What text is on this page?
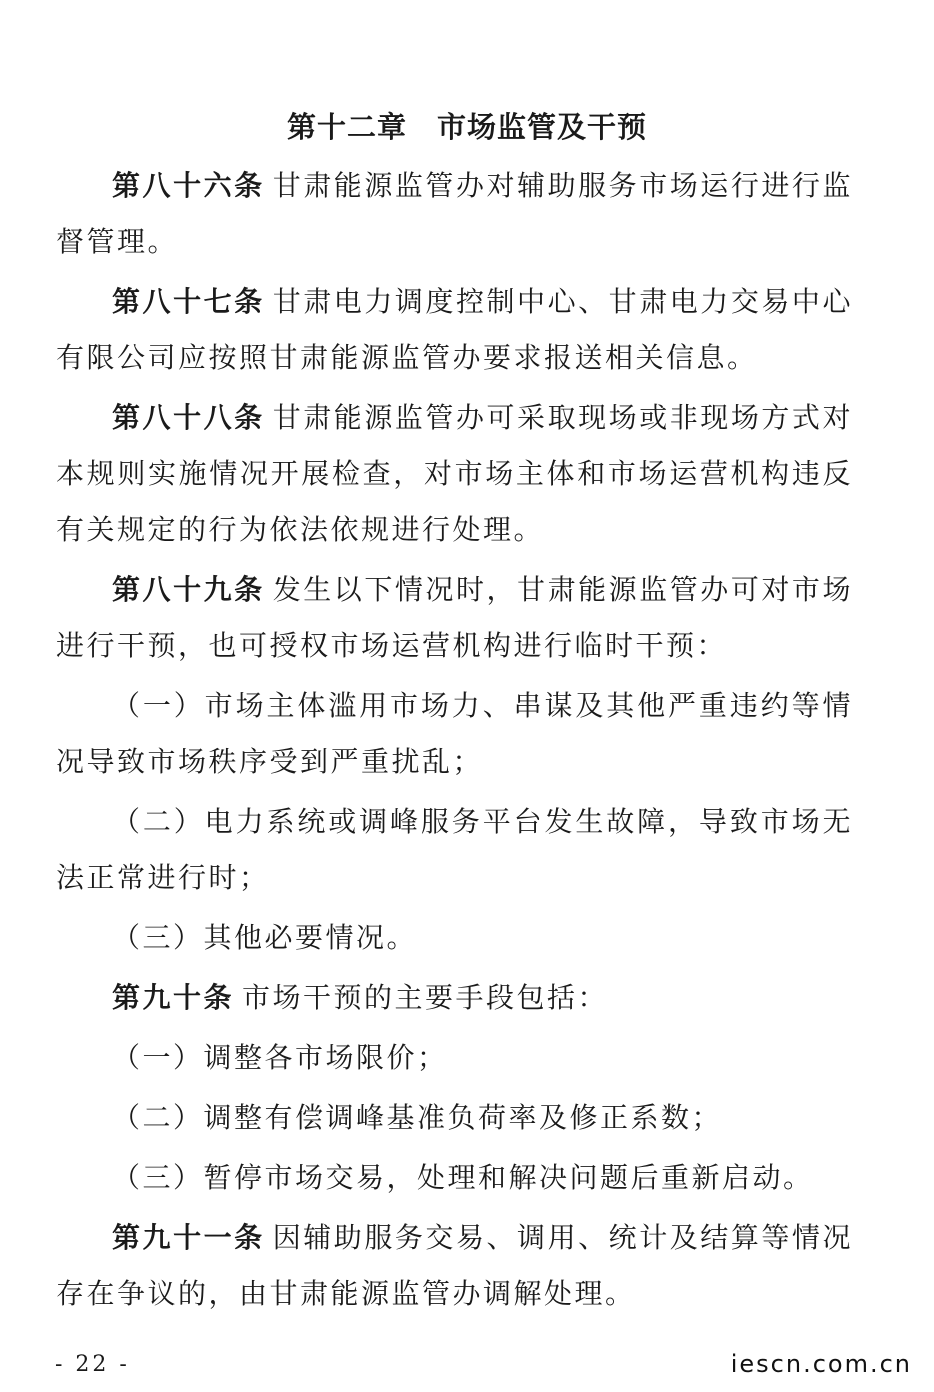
第十二章　市场监管及干预

第八十六条 甘肃能源监管办对辅助服务市场运行进行监督管理。

第八十七条 甘肃电力调度控制中心、甘肃电力交易中心有限公司应按照甘肃能源监管办要求报送相关信息。

第八十八条 甘肃能源监管办可采取现场或非现场方式对本规则实施情况开展检查，对市场主体和市场运营机构违反有关规定的行为依法依规进行处理。

第八十九条 发生以下情况时，甘肃能源监管办可对市场进行干预，也可授权市场运营机构进行临时干预：

（一）市场主体滥用市场力、串谋及其他严重违约等情况导致市场秩序受到严重扰乱；

（二）电力系统或调峰服务平台发生故障，导致市场无法正常进行时；

（三）其他必要情况。

第九十条 市场干预的主要手段包括：

（一）调整各市场限价；

（二）调整有偿调峰基准负荷率及修正系数；

（三）暂停市场交易，处理和解决问题后重新启动。

第九十一条 因辅助服务交易、调用、统计及结算等情况存在争议的，由甘肃能源监管办调解处理。

- 22 -	iescn.com.cn
